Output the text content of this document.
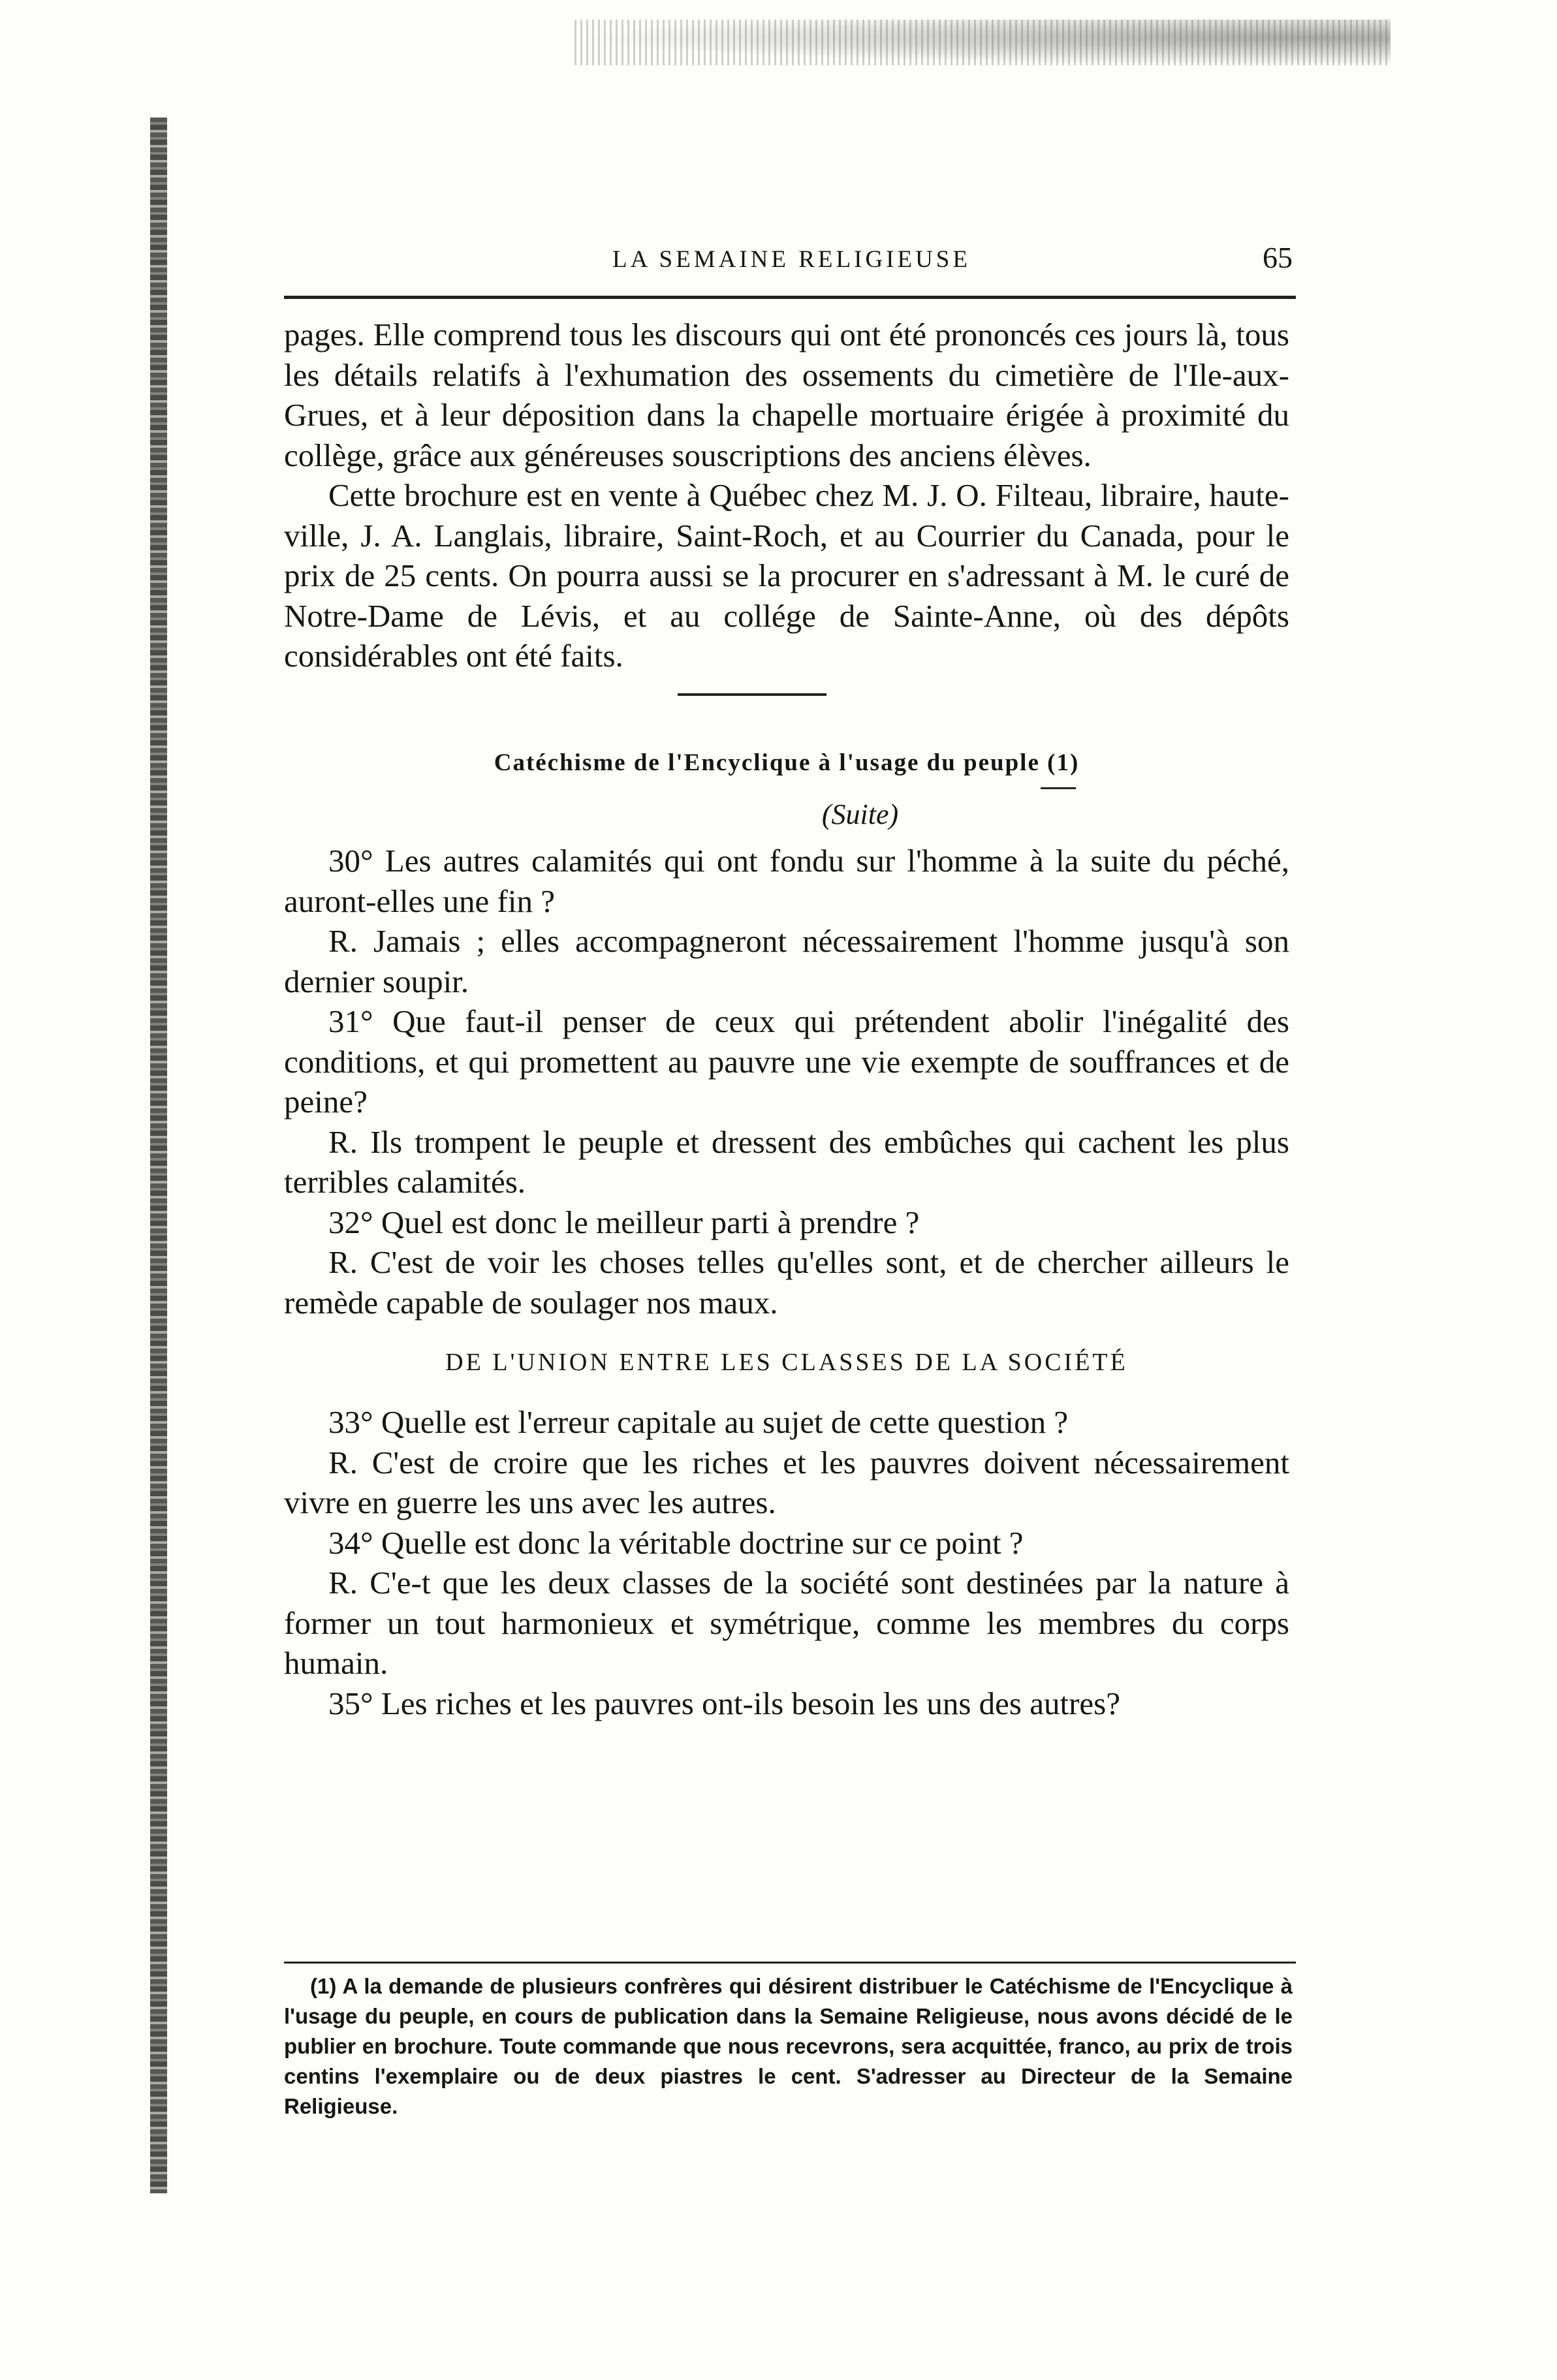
LA SEMAINE RELIGIEUSE	65

pages. Elle comprend tous les discours qui ont été prononcés ces jours là, tous les détails relatifs à l'exhumation des ossements du cimetière de l'Ile-aux-Grues, et à leur déposition dans la chapelle mortuaire érigée à proximité du collège, grâce aux généreuses souscriptions des anciens élèves.

Cette brochure est en vente à Québec chez M. J. O. Filteau, libraire, haute-ville, J. A. Langlais, libraire, Saint-Roch, et au Courrier du Canada, pour le prix de 25 cents. On pourra aussi se la procurer en s'adressant à M. le curé de Notre-Dame de Lévis, et au collége de Sainte-Anne, où des dépôts considérables ont été faits.

Catéchisme de l'Encyclique à l'usage du peuple (1)
(Suite)

30° Les autres calamités qui ont fondu sur l'homme à la suite du péché, auront-elles une fin ?

R. Jamais ; elles accompagneront nécessairement l'homme jusqu'à son dernier soupir.

31° Que faut-il penser de ceux qui prétendent abolir l'inégalité des conditions, et qui promettent au pauvre une vie exempte de souffrances et de peine?

R. Ils trompent le peuple et dressent des embûches qui cachent les plus terribles calamités.

32° Quel est donc le meilleur parti à prendre ?

R. C'est de voir les choses telles qu'elles sont, et de chercher ailleurs le remède capable de soulager nos maux.

DE L'UNION ENTRE LES CLASSES DE LA SOCIÉTÉ

33° Quelle est l'erreur capitale au sujet de cette question ?

R. C'est de croire que les riches et les pauvres doivent nécessairement vivre en guerre les uns avec les autres.

34° Quelle est donc la véritable doctrine sur ce point ?

R. C'e-t que les deux classes de la société sont destinées par la nature à former un tout harmonieux et symétrique, comme les membres du corps humain.

35° Les riches et les pauvres ont-ils besoin les uns des autres?

(1) A la demande de plusieurs confrères qui désirent distribuer le Catéchisme de l'Encyclique à l'usage du peuple, en cours de publication dans la Semaine Religieuse, nous avons décidé de le publier en brochure. Toute commande que nous recevrons, sera acquittée, franco, au prix de trois centins l'exemplaire ou de deux piastres le cent. S'adresser au Directeur de la Semaine Religieuse.
